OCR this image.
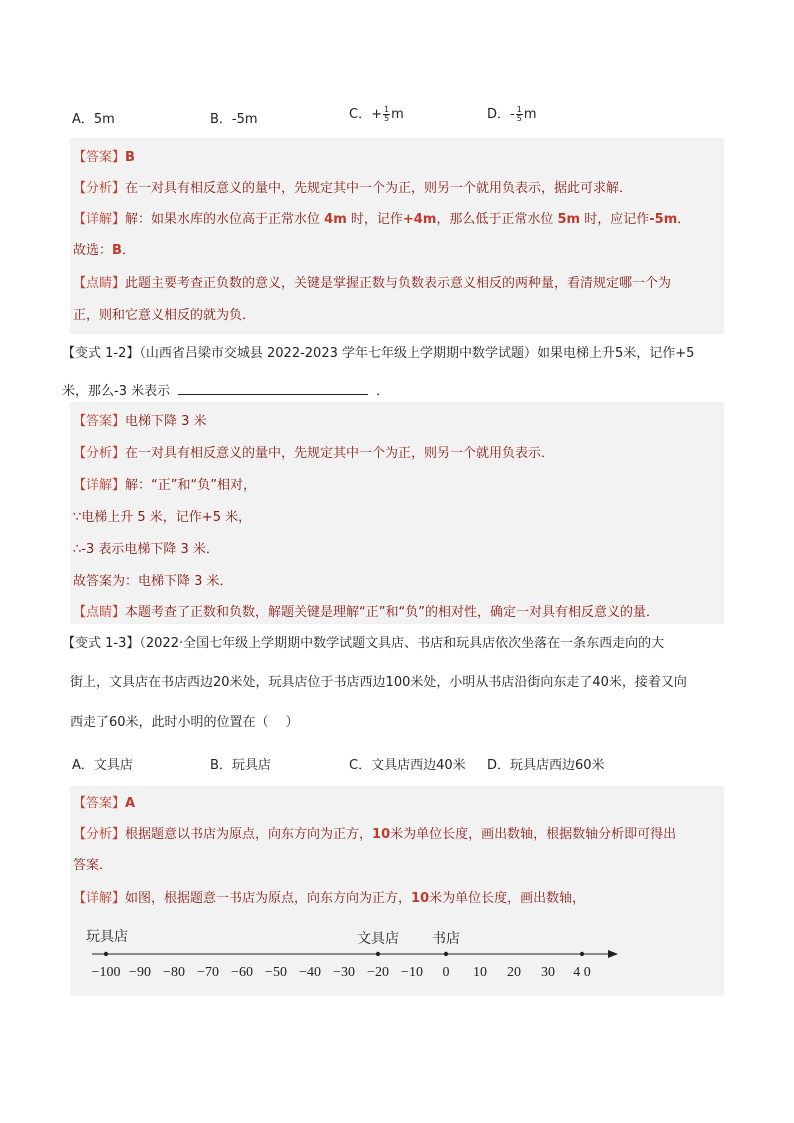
A．5m	B．-5m	C．+ $\frac{1}{5}$ m	D．- $\frac{1}{5}$ m
【答案】B
【分析】在一对具有相反意义的量中，先规定其中一个为正，则另一个就用负表示，据此可求解．
【详解】解：如果水库的水位高于正常水位 4m 时，记作+4m，那么低于正常水位 5m 时，应记作-5m．
故选：B．
【点睛】此题主要考查正负数的意义，关键是掌握正数与负数表示意义相反的两种量，看清规定哪一个为
正，则和它意义相反的就为负．
【变式 1-2】（山西省吕梁市交城县 2022-2023 学年七年级上学期期中数学试题）如果电梯上升5米，记作+5
米，那么-3 米表示	．
【答案】电梯下降 3 米
【分析】在一对具有相反意义的量中，先规定其中一个为正，则另一个就用负表示．
【详解】解：“正”和“负”相对，
∵电梯上升 5 米，记作+5 米，
∴-3 表示电梯下降 3 米．
故答案为：电梯下降 3 米．
【点睛】本题考查了正数和负数，解题关键是理解“正”和“负”的相对性，确定一对具有相反意义的量．
【变式 1-3】（2022·全国七年级上学期期中数学试题文具店、书店和玩具店依次坐落在一条东西走向的大
街上，文具店在书店西边20米处，玩具店位于书店西边100米处，小明从书店沿街向东走了40米，接着又向
西走了60米，此时小明的位置在（　 ）
A．文具店	B．玩具店	C．文具店西边40米 D．玩具店西边60米
【答案】A
【分析】根据题意以书店为原点，向东方向为正方，10米为单位长度，画出数轴，根据数轴分析即可得出
答案．
【详解】如图，根据题意一书店为原点，向东方向为正方，10米为单位长度，画出数轴，
−100 −90 −80 −70 −60 −50 −40 −30 −20 −10 0 10 20 30 4 0
玩具店	文具店 书店
